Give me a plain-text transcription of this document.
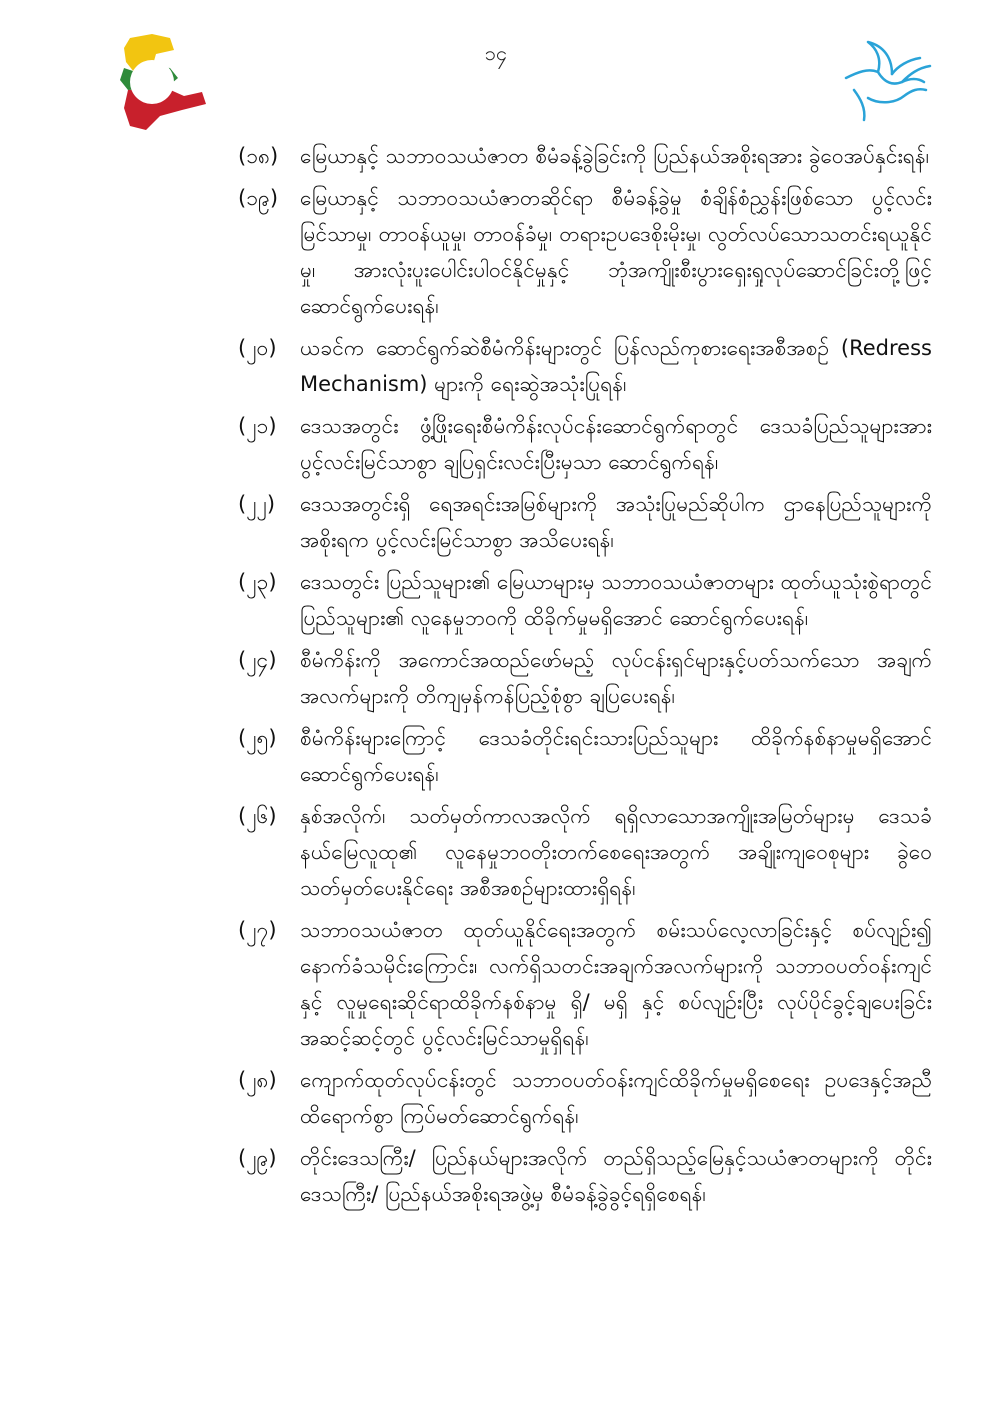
၁၄
(၁၈)	မြေယာနှင့် သဘာဝသယံဇာတ စီမံခန့်ခွဲခြင်းကို ပြည်နယ်အစိုးရအား ခွဲဝေအပ်နှင်းရန်၊
(၁၉)	မြေယာနှင့် သဘာဝသယံဇာတဆိုင်ရာ စီမံခန့်ခွဲမှု စံချိန်စံညွှန်းဖြစ်သော ပွင့်လင်းမြင်သာမှု၊ တာဝန်ယူမှု၊ တာဝန်ခံမှု၊ တရားဥပဒေစိုးမိုးမှု၊ လွတ်လပ်သောသတင်းရယူနိုင်မှု၊ အားလုံးပူးပေါင်းပါဝင်နိုင်မှုနှင့် ဘုံအကျိုးစီးပွားရှေးရှုလုပ်ဆောင်ခြင်းတို့ဖြင့် ဆောင်ရွက်ပေးရန်၊
(၂၀)	ယခင်က ဆောင်ရွက်ဆဲစီမံကိန်းများတွင် ပြန်လည်ကုစားရေးအစီအစဉ် (Redress Mechanism) များကို ရေးဆွဲအသုံးပြုရန်၊
(၂၁)	ဒေသအတွင်း ဖွံ့ဖြိုးရေးစီမံကိန်းလုပ်ငန်းဆောင်ရွက်ရာတွင် ဒေသခံပြည်သူများအား ပွင့်လင်းမြင်သာစွာ ချပြရှင်းလင်းပြီးမှသာ ဆောင်ရွက်ရန်၊
(၂၂)	ဒေသအတွင်းရှိ ရေအရင်းအမြစ်များကို အသုံးပြုမည်ဆိုပါက ဌာနေပြည်သူများကို အစိုးရက ပွင့်လင်းမြင်သာစွာ အသိပေးရန်၊
(၂၃)	ဒေသတွင်း ပြည်သူများ၏ မြေယာများမှ သဘာဝသယံဇာတများ ထုတ်ယူသုံးစွဲရာတွင် ပြည်သူများ၏ လူနေမှုဘဝကို ထိခိုက်မှုမရှိအောင် ဆောင်ရွက်ပေးရန်၊
(၂၄)	စီမံကိန်းကို အကောင်အထည်ဖော်မည့် လုပ်ငန်းရှင်များနှင့်ပတ်သက်သော အချက် အလက်များကို တိကျမှန်ကန်ပြည့်စုံစွာ ချပြပေးရန်၊
(၂၅)	စီမံကိန်းများကြောင့် ဒေသခံတိုင်းရင်းသားပြည်သူများ ထိခိုက်နစ်နာမှုမရှိအောင် ဆောင်ရွက်ပေးရန်၊
(၂၆)	နှစ်အလိုက်၊ သတ်မှတ်ကာလအလိုက် ရရှိလာသောအကျိုးအမြတ်များမှ ဒေသခံ နယ်မြေလူထု၏ လူနေမှုဘဝတိုးတက်စေရေးအတွက် အချိုးကျဝေစုများ ခွဲဝေသတ်မှတ်ပေးနိုင်ရေး အစီအစဉ်များထားရှိရန်၊
(၂၇)	သဘာဝသယံဇာတ ထုတ်ယူနိုင်ရေးအတွက် စမ်းသပ်လေ့လာခြင်းနှင့် စပ်လျဉ်း၍ နောက်ခံသမိုင်းကြောင်း၊ လက်ရှိသတင်းအချက်အလက်များကို သဘာဝပတ်ဝန်းကျင်နှင့် လူမှုရေးဆိုင်ရာထိခိုက်နစ်နာမှု ရှိ/ မရှိ နှင့် စပ်လျဉ်းပြီး လုပ်ပိုင်ခွင့်ချပေးခြင်း အဆင့်ဆင့်တွင် ပွင့်လင်းမြင်သာမှုရှိရန်၊
(၂၈)	ကျောက်ထုတ်လုပ်ငန်းတွင် သဘာဝပတ်ဝန်းကျင်ထိခိုက်မှုမရှိစေရေး ဥပဒေနှင့်အညီ ထိရောက်စွာ ကြပ်မတ်ဆောင်ရွက်ရန်၊
(၂၉)	တိုင်းဒေသကြီး/ ပြည်နယ်များအလိုက် တည်ရှိသည့်မြေနှင့်သယံဇာတများကို တိုင်းဒေသကြီး/ ပြည်နယ်အစိုးရအဖွဲ့မှ စီမံခန့်ခွဲခွင့်ရရှိစေရန်၊
